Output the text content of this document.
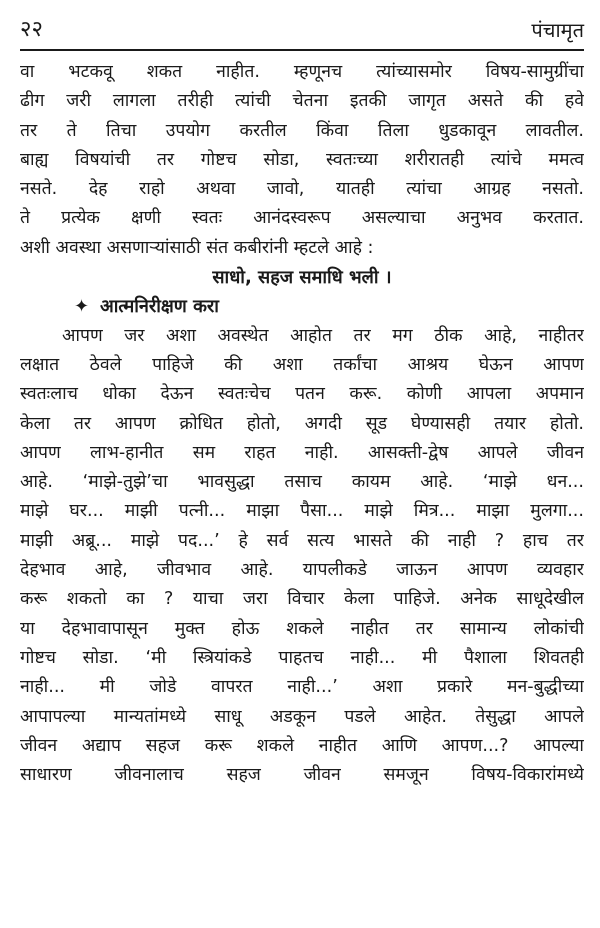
२२	पंचामृत
वा भटकवू शकत नाहीत. म्हणूनच त्यांच्यासमोर विषय-सामुग्रींचा
ढीग जरी लागला तरीही त्यांची चेतना इतकी जागृत असते की हवे
तर ते तिचा उपयोग करतील किंवा तिला धुडकावून लावतील.
बाह्य विषयांची तर गोष्टच सोडा, स्वतःच्या शरीरातही त्यांचे ममत्व
नसते. देह राहो अथवा जावो, यातही त्यांचा आग्रह नसतो.
ते प्रत्येक क्षणी स्वतः आनंदस्वरूप असल्याचा अनुभव करतात.
अशी अवस्था असणाऱ्यांसाठी संत कबीरांनी म्हटले आहे :
साधो, सहज समाधि भली ।
✦ आत्मनिरीक्षण करा
आपण जर अशा अवस्थेत आहोत तर मग ठीक आहे, नाहीतर
लक्षात ठेवले पाहिजे की अशा तर्कांचा आश्रय घेऊन आपण
स्वतःलाच धोका देऊन स्वतःचेच पतन करू. कोणी आपला अपमान
केला तर आपण क्रोधित होतो, अगदी सूड घेण्यासही तयार होतो.
आपण लाभ-हानीत सम राहत नाही. आसक्ती-द्वेष आपले जीवन
आहे. ‘माझे-तुझे’चा भावसुद्धा तसाच कायम आहे. ‘माझे धन...
माझे घर... माझी पत्नी... माझा पैसा... माझे मित्र... माझा मुलगा...
माझी अब्रू... माझे पद...’ हे सर्व सत्य भासते की नाही ? हाच तर
देहभाव आहे, जीवभाव आहे. यापलीकडे जाऊन आपण व्यवहार
करू शकतो का ? याचा जरा विचार केला पाहिजे. अनेक साधूदेखील
या देहभावापासून मुक्त होऊ शकले नाहीत तर सामान्य लोकांची
गोष्टच सोडा. ‘मी स्त्रियांकडे पाहतच नाही... मी पैशाला शिवतही
नाही... मी जोडे वापरत नाही...’ अशा प्रकारे मन-बुद्धीच्या
आपापल्या मान्यतांमध्ये साधू अडकून पडले आहेत. तेसुद्धा आपले
जीवन अद्याप सहज करू शकले नाहीत आणि आपण...? आपल्या
साधारण जीवनालाच सहज जीवन समजून विषय-विकारांमध्ये
